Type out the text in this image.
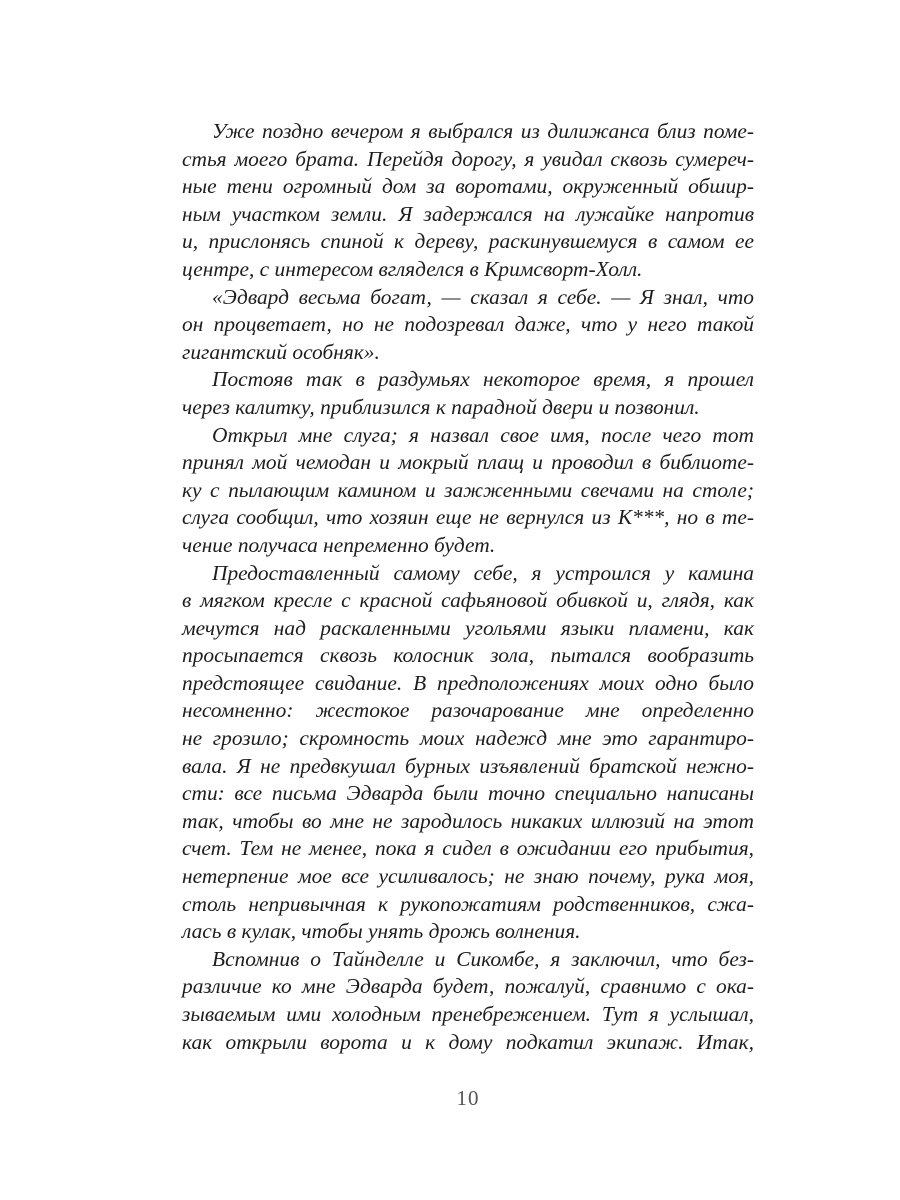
Уже поздно вечером я выбрался из дилижанса близ поме-
стья моего брата. Перейдя дорогу, я увидал сквозь сумереч-
ные тени огромный дом за воротами, окруженный обшир-
ным участком земли. Я задержался на лужайке напротив
и, прислонясь спиной к дереву, раскинувшемуся в самом ее
центре, с интересом вгляделся в Кримсворт-Холл.
«Эдвард весьма богат, — сказал я себе. — Я знал, что
он процветает, но не подозревал даже, что у него такой
гигантский особняк».
Постояв так в раздумьях некоторое время, я прошел
через калитку, приблизился к парадной двери и позвонил.
Открыл мне слуга; я назвал свое имя, после чего тот
принял мой чемодан и мокрый плащ и проводил в библиоте-
ку с пылающим камином и зажженными свечами на столе;
слуга сообщил, что хозяин еще не вернулся из К***, но в те-
чение получаса непременно будет.
Предоставленный самому себе, я устроился у камина
в мягком кресле с красной сафьяновой обивкой и, глядя, как
мечутся над раскаленными угольями языки пламени, как
просыпается сквозь колосник зола, пытался вообразить
предстоящее свидание. В предположениях моих одно было
несомненно: жестокое разочарование мне определенно
не грозило; скромность моих надежд мне это гарантиро-
вала. Я не предвкушал бурных изъявлений братской нежно-
сти: все письма Эдварда были точно специально написаны
так, чтобы во мне не зародилось никаких иллюзий на этот
счет. Тем не менее, пока я сидел в ожидании его прибытия,
нетерпение мое все усиливалось; не знаю почему, рука моя,
столь непривычная к рукопожатиям родственников, сжа-
лась в кулак, чтобы унять дрожь волнения.
Вспомнив о Тайнделле и Сикомбе, я заключил, что без-
различие ко мне Эдварда будет, пожалуй, сравнимо с ока-
зываемым ими холодным пренебрежением. Тут я услышал,
как открыли ворота и к дому подкатил экипаж. Итак,
10
